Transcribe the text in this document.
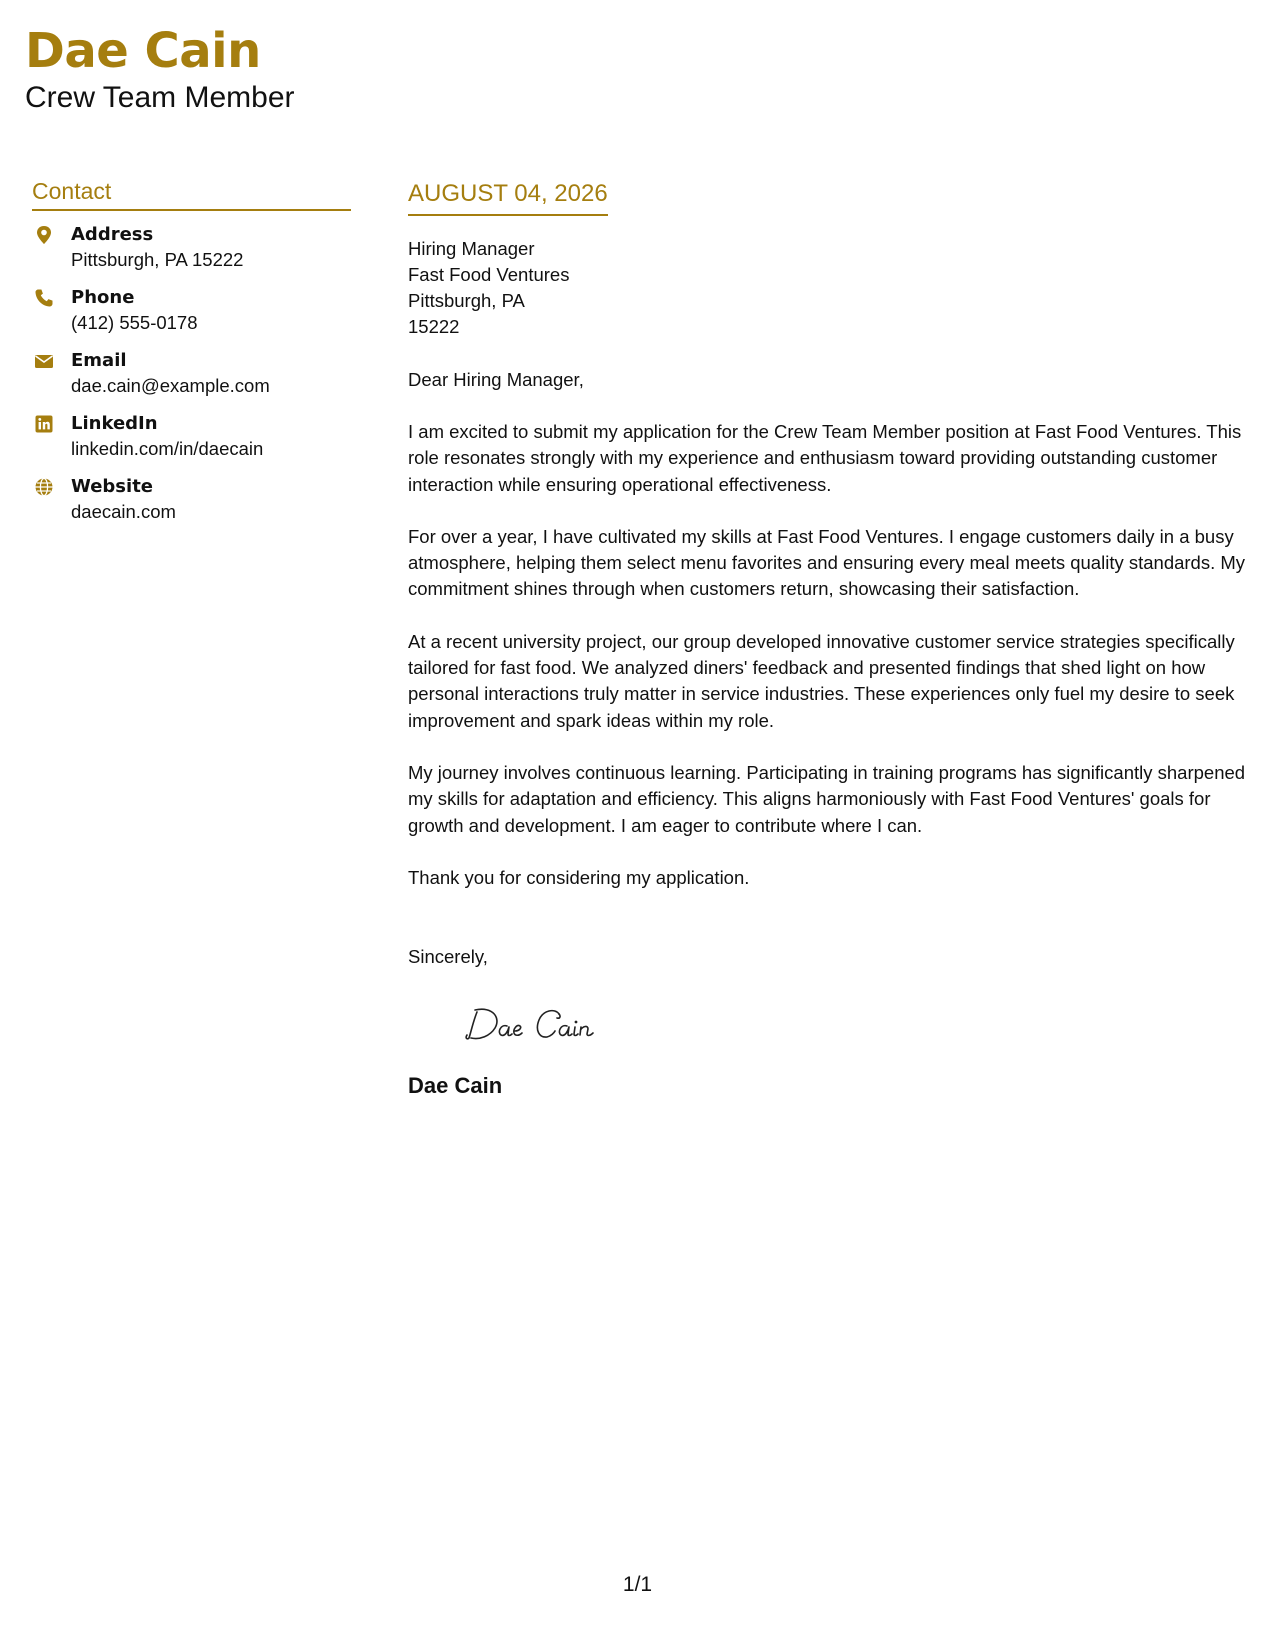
Dae Cain
Crew Team Member
Contact
Address
Pittsburgh, PA 15222
Phone
(412) 555-0178
Email
dae.cain@example.com
LinkedIn
linkedin.com/in/daecain
Website
daecain.com
AUGUST 04, 2026
Hiring Manager
Fast Food Ventures
Pittsburgh, PA
15222
Dear Hiring Manager,
I am excited to submit my application for the Crew Team Member position at Fast Food Ventures. This role resonates strongly with my experience and enthusiasm toward providing outstanding customer interaction while ensuring operational effectiveness.
For over a year, I have cultivated my skills at Fast Food Ventures. I engage customers daily in a busy atmosphere, helping them select menu favorites and ensuring every meal meets quality standards. My commitment shines through when customers return, showcasing their satisfaction.
At a recent university project, our group developed innovative customer service strategies specifically tailored for fast food. We analyzed diners' feedback and presented findings that shed light on how personal interactions truly matter in service industries. These experiences only fuel my desire to seek improvement and spark ideas within my role.
My journey involves continuous learning. Participating in training programs has significantly sharpened my skills for adaptation and efficiency. This aligns harmoniously with Fast Food Ventures' goals for growth and development. I am eager to contribute where I can.
Thank you for considering my application.
Sincerely,
Dae Cain
1/1
